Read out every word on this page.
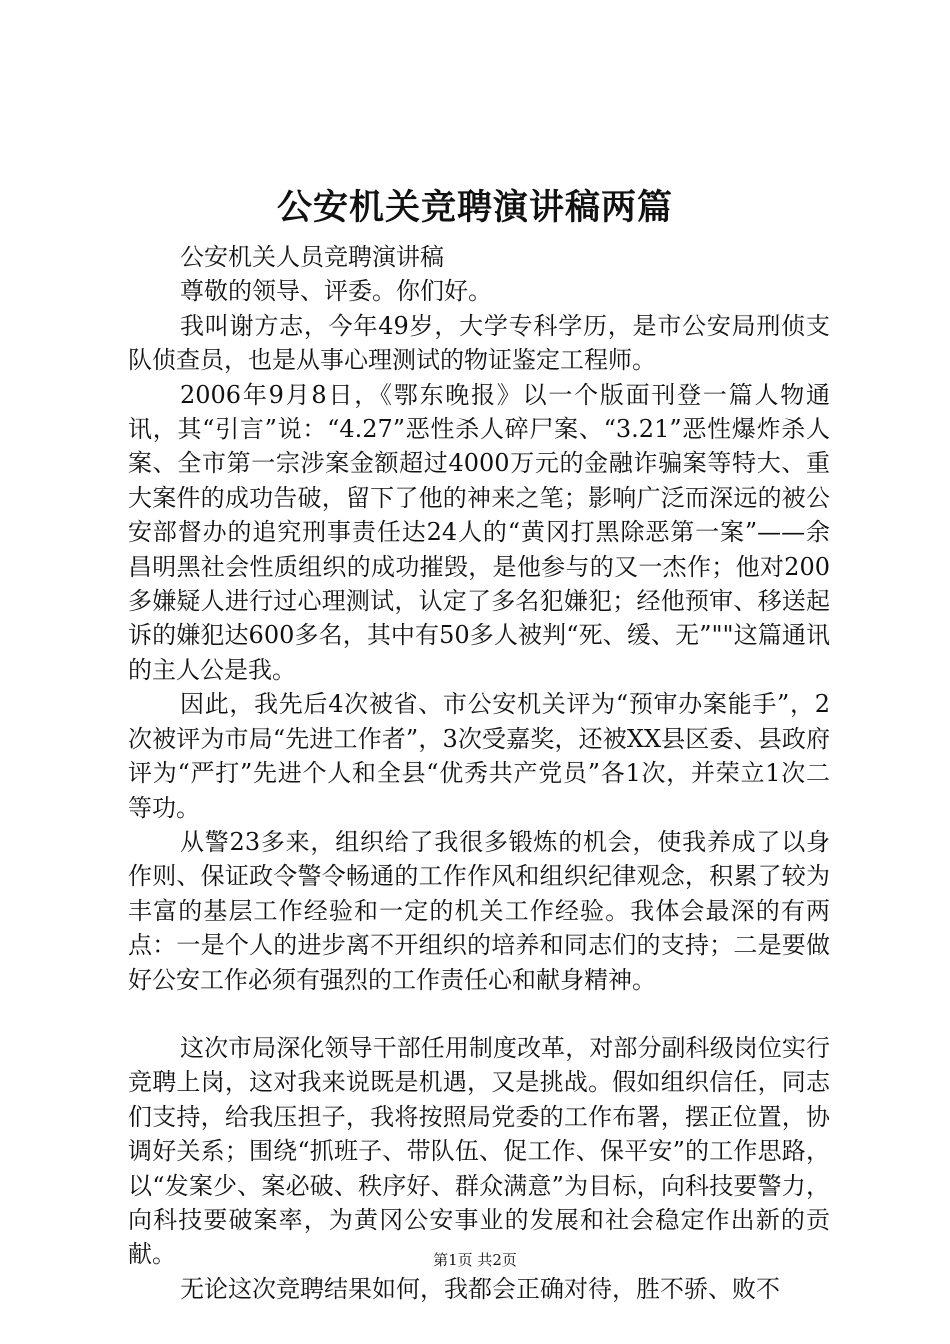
公安机关竞聘演讲稿两篇

公安机关人员竞聘演讲稿

尊敬的领导、评委。你们好。

我叫谢方志，今年49岁，大学专科学历，是市公安局刑侦支队侦查员，也是从事心理测试的物证鉴定工程师。

2006年9月8日，《鄂东晚报》以一个版面刊登一篇人物通讯，其“引言”说：“4.27”恶性杀人碎尸案、“3.21”恶性爆炸杀人案、全市第一宗涉案金额超过4000万元的金融诈骗案等特大、重大案件的成功告破，留下了他的神来之笔；影响广泛而深远的被公安部督办的追究刑事责任达24人的“黄冈打黑除恶第一案”——余昌明黑社会性质组织的成功摧毁，是他参与的又一杰作；他对200多嫌疑人进行过心理测试，认定了多名犯嫌犯；经他预审、移送起诉的嫌犯达600多名，其中有50多人被判“死、缓、无”""这篇通讯的主人公是我。

因此，我先后4次被省、市公安机关评为“预审办案能手”，2次被评为市局“先进工作者”，3次受嘉奖，还被XX县区委、县政府评为“严打”先进个人和全县“优秀共产党员”各1次，并荣立1次二等功。

从警23多来，组织给了我很多锻炼的机会，使我养成了以身作则、保证政令警令畅通的工作作风和组织纪律观念，积累了较为丰富的基层工作经验和一定的机关工作经验。我体会最深的有两点：一是个人的进步离不开组织的培养和同志们的支持；二是要做好公安工作必须有强烈的工作责任心和献身精神。

这次市局深化领导干部任用制度改革，对部分副科级岗位实行竞聘上岗，这对我来说既是机遇，又是挑战。假如组织信任，同志们支持，给我压担子，我将按照局党委的工作布署，摆正位置，协调好关系；围绕“抓班子、带队伍、促工作、保平安”的工作思路，以“发案少、案必破、秩序好、群众满意”为目标，向科技要警力，向科技要破案率，为黄冈公安事业的发展和社会稳定作出新的贡献。

无论这次竞聘结果如何，我都会正确对待，胜不骄、败不

第1页 共2页
